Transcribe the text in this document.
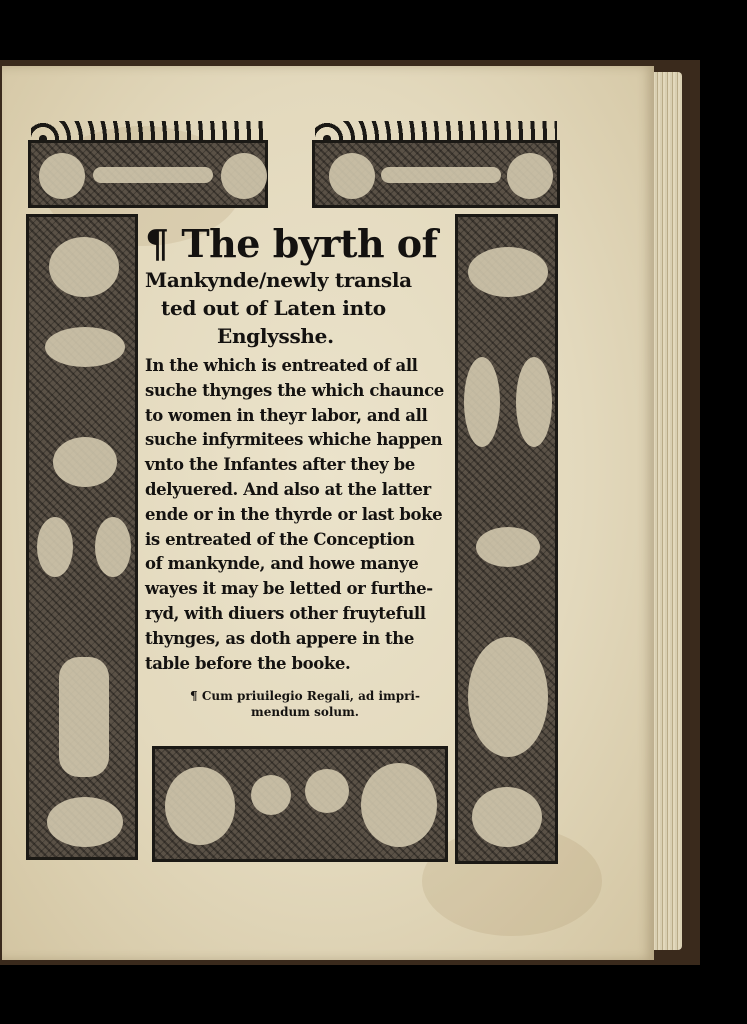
¶ The byrth of

Mankynde/newly transla

ted out of Laten into

Englysshe.

In the which is entreated of all

suche thynges the which chaunce

to women in theyr labor, and all

suche infyrmitees whiche happen

vnto the Infantes after they be

delyuered. And also at the latter

ende or in the thyrde or last boke

is entreated of the Conception

of mankynde, and howe manye

wayes it may be letted or furthe-

ryd, with diuers other fruytefull

thynges, as doth appere in the

table before the booke.

¶ Cum priuilegio Regali, ad impri-
mendum solum.
